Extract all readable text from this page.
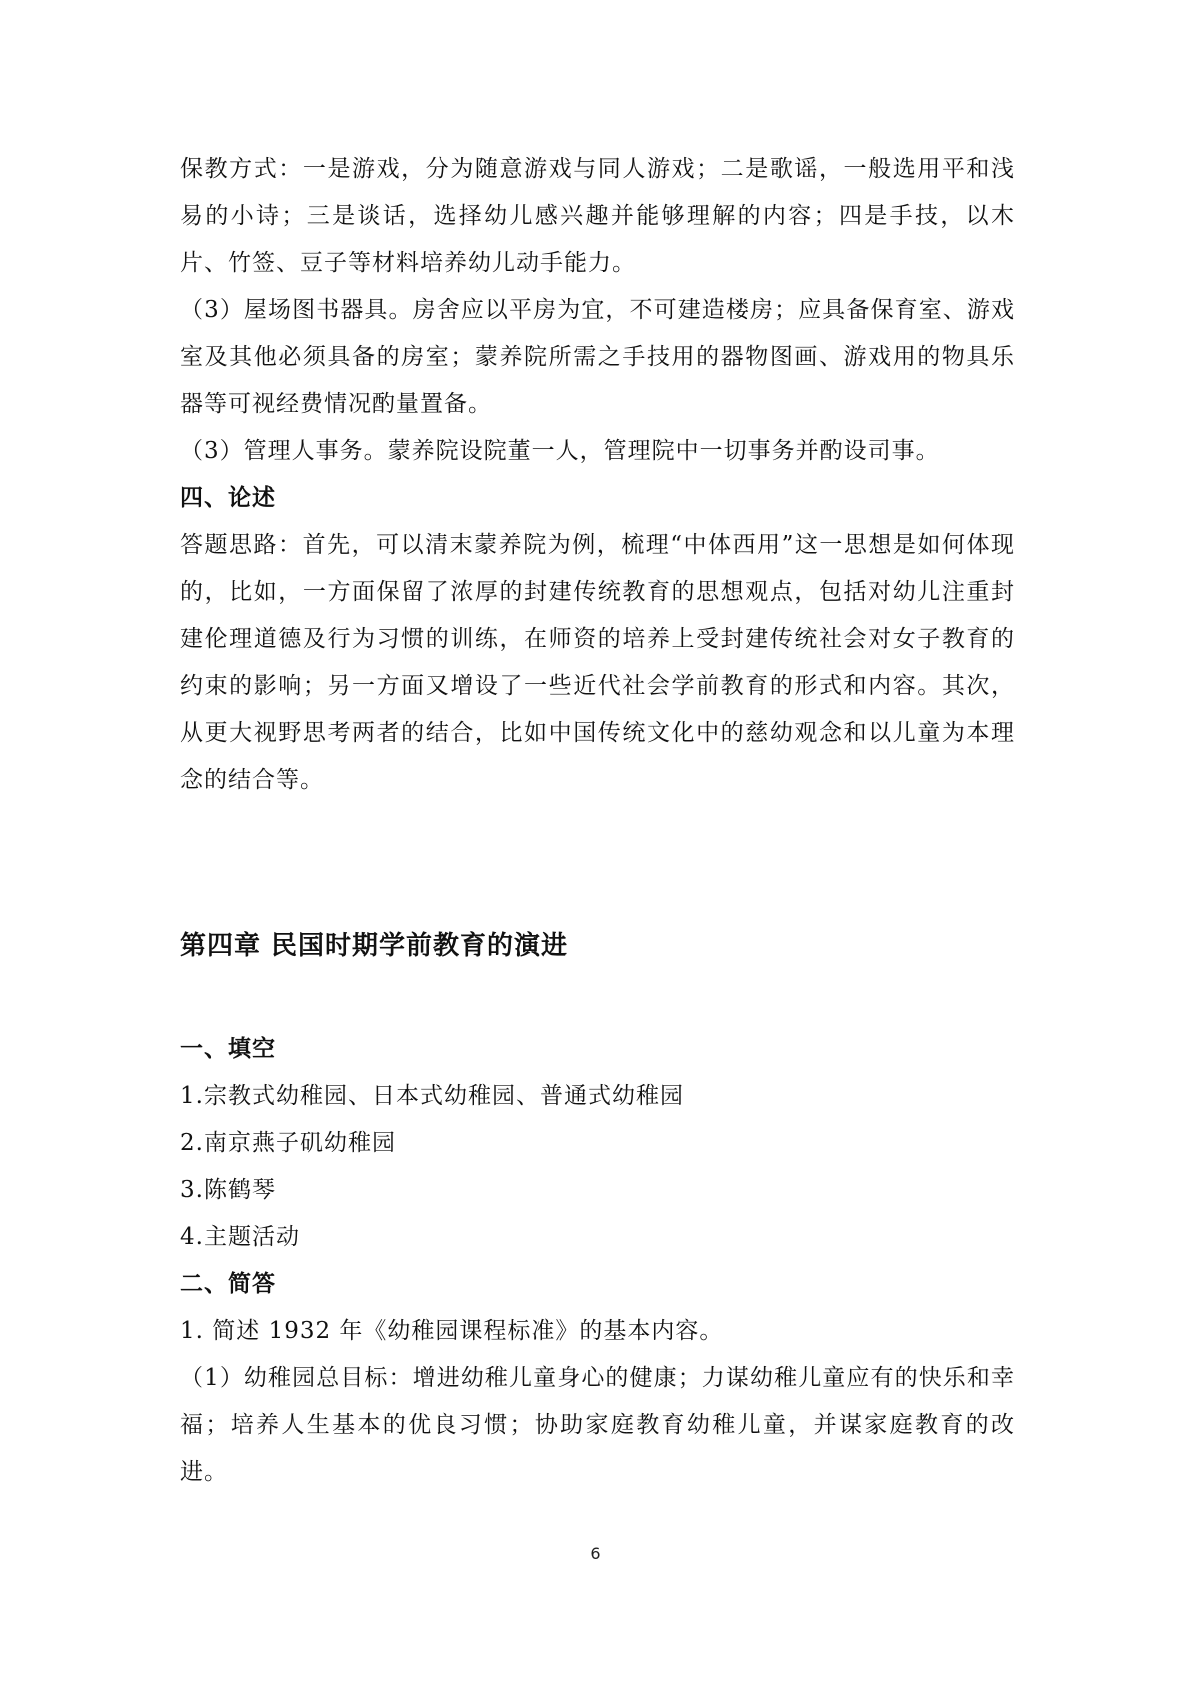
保教方式：一是游戏，分为随意游戏与同人游戏；二是歌谣，一般选用平和浅易的小诗；三是谈话，选择幼儿感兴趣并能够理解的内容；四是手技，以木片、竹签、豆子等材料培养幼儿动手能力。

（3）屋场图书器具。房舍应以平房为宜，不可建造楼房；应具备保育室、游戏室及其他必须具备的房室；蒙养院所需之手技用的器物图画、游戏用的物具乐器等可视经费情况酌量置备。

（3）管理人事务。蒙养院设院董一人，管理院中一切事务并酌设司事。

四、论述

答题思路：首先，可以清末蒙养院为例，梳理“中体西用”这一思想是如何体现的，比如，一方面保留了浓厚的封建传统教育的思想观点，包括对幼儿注重封建伦理道德及行为习惯的训练，在师资的培养上受封建传统社会对女子教育的约束的影响；另一方面又增设了一些近代社会学前教育的形式和内容。其次，从更大视野思考两者的结合，比如中国传统文化中的慈幼观念和以儿童为本理念的结合等。

第四章 民国时期学前教育的演进
一、填空

1.宗教式幼稚园、日本式幼稚园、普通式幼稚园

2.南京燕子矶幼稚园

3.陈鹤琴

4.主题活动

二、简答

1. 简述 1932 年《幼稚园课程标准》的基本内容。

（1）幼稚园总目标：增进幼稚儿童身心的健康；力谋幼稚儿童应有的快乐和幸福；培养人生基本的优良习惯；协助家庭教育幼稚儿童，并谋家庭教育的改进。

6
